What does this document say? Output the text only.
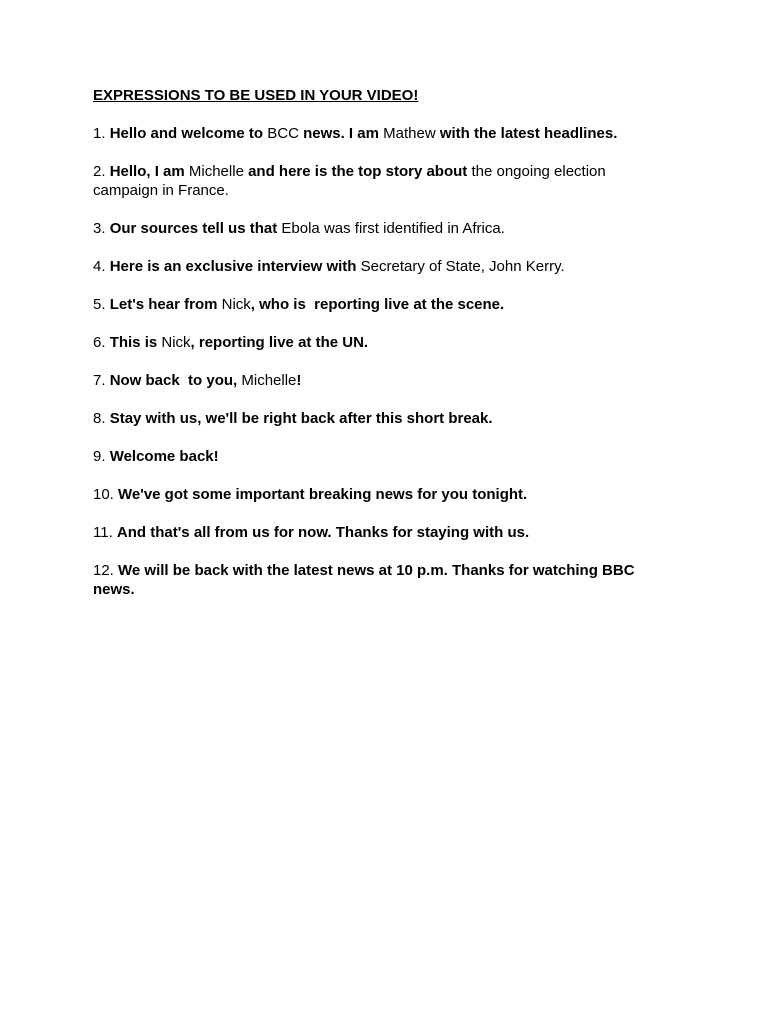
EXPRESSIONS TO BE USED IN YOUR VIDEO!

1. Hello and welcome to BCC news. I am Mathew with the latest headlines.

2. Hello, I am Michelle and here is the top story about the ongoing election campaign in France.

3. Our sources tell us that Ebola was first identified in Africa.

4. Here is an exclusive interview with Secretary of State, John Kerry.

5. Let's hear from Nick, who is  reporting live at the scene.

6. This is Nick, reporting live at the UN.

7. Now back  to you, Michelle!

8. Stay with us, we'll be right back after this short break.

9. Welcome back!

10. We've got some important breaking news for you tonight.

11. And that's all from us for now. Thanks for staying with us.

12. We will be back with the latest news at 10 p.m. Thanks for watching BBC news.
